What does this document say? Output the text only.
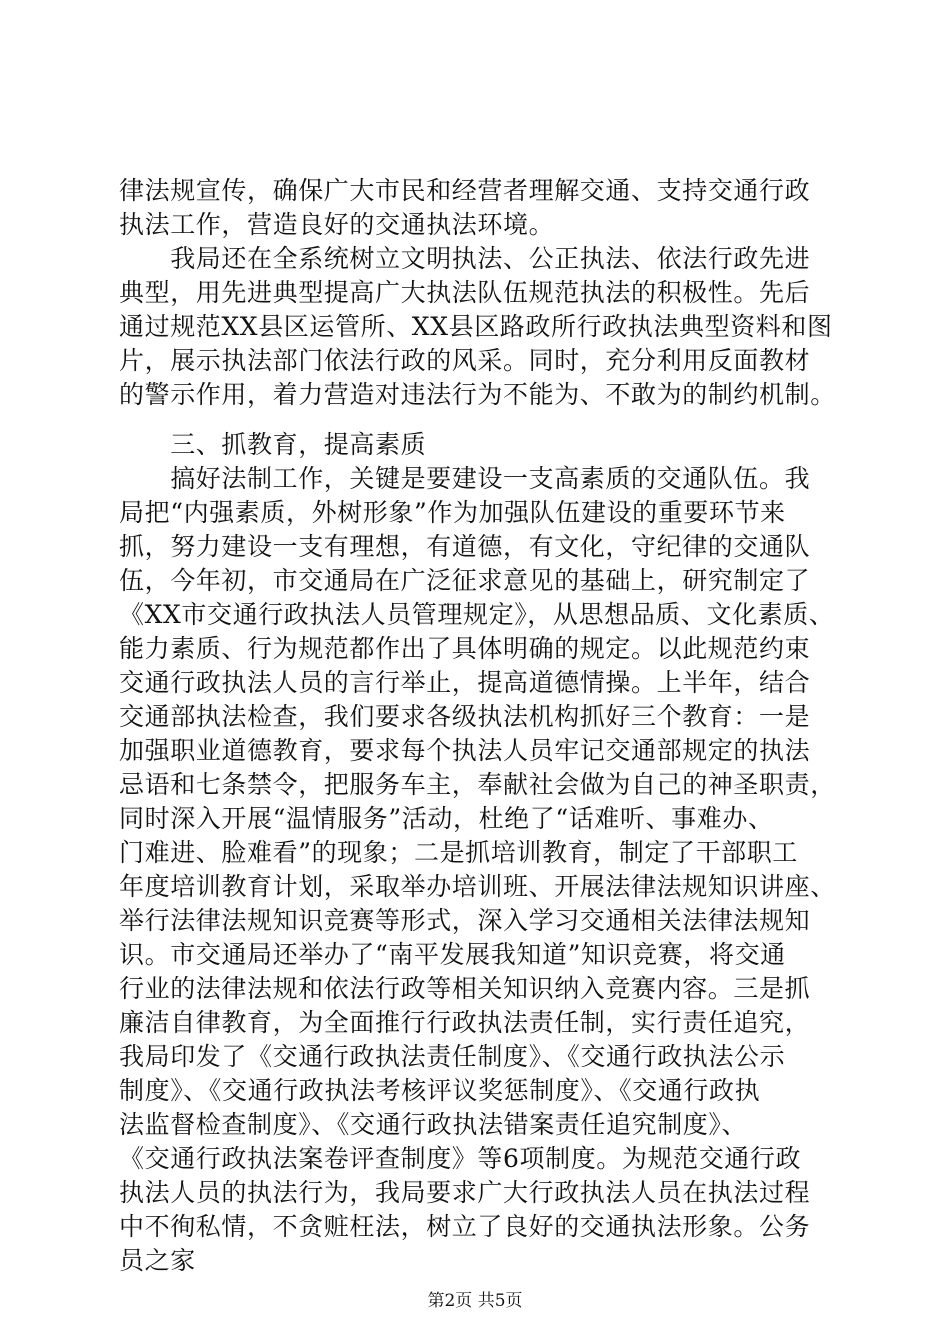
律法规宣传，确保广大市民和经营者理解交通、支持交通行政
执法工作，营造良好的交通执法环境。
　　我局还在全系统树立文明执法、公正执法、依法行政先进
典型，用先进典型提高广大执法队伍规范执法的积极性。先后
通过规范XX县区运管所、XX县区路政所行政执法典型资料和图
片，展示执法部门依法行政的风采。同时，充分利用反面教材
的警示作用，着力营造对违法行为不能为、不敢为的制约机制。
　　三、抓教育，提高素质
　　搞好法制工作，关键是要建设一支高素质的交通队伍。我
局把“内强素质，外树形象”作为加强队伍建设的重要环节来
抓，努力建设一支有理想，有道德，有文化，守纪律的交通队
伍，今年初，市交通局在广泛征求意见的基础上，研究制定了
《XX市交通行政执法人员管理规定》，从思想品质、文化素质、
能力素质、行为规范都作出了具体明确的规定。以此规范约束
交通行政执法人员的言行举止，提高道德情操。上半年，结合
交通部执法检查，我们要求各级执法机构抓好三个教育：一是
加强职业道德教育，要求每个执法人员牢记交通部规定的执法
忌语和七条禁令，把服务车主，奉献社会做为自己的神圣职责，
同时深入开展“温情服务”活动，杜绝了“话难听、事难办、
门难进、脸难看”的现象；二是抓培训教育，制定了干部职工
年度培训教育计划，采取举办培训班、开展法律法规知识讲座、
举行法律法规知识竞赛等形式，深入学习交通相关法律法规知
识。市交通局还举办了“南平发展我知道”知识竞赛，将交通
行业的法律法规和依法行政等相关知识纳入竞赛内容。三是抓
廉洁自律教育，为全面推行行政执法责任制，实行责任追究，
我局印发了《交通行政执法责任制度》、《交通行政执法公示
制度》、《交通行政执法考核评议奖惩制度》、《交通行政执
法监督检查制度》、《交通行政执法错案责任追究制度》、
《交通行政执法案卷评查制度》等6项制度。为规范交通行政
执法人员的执法行为，我局要求广大行政执法人员在执法过程
中不徇私情，不贪赃枉法，树立了良好的交通执法形象。公务
第2页 共5页
员之家
